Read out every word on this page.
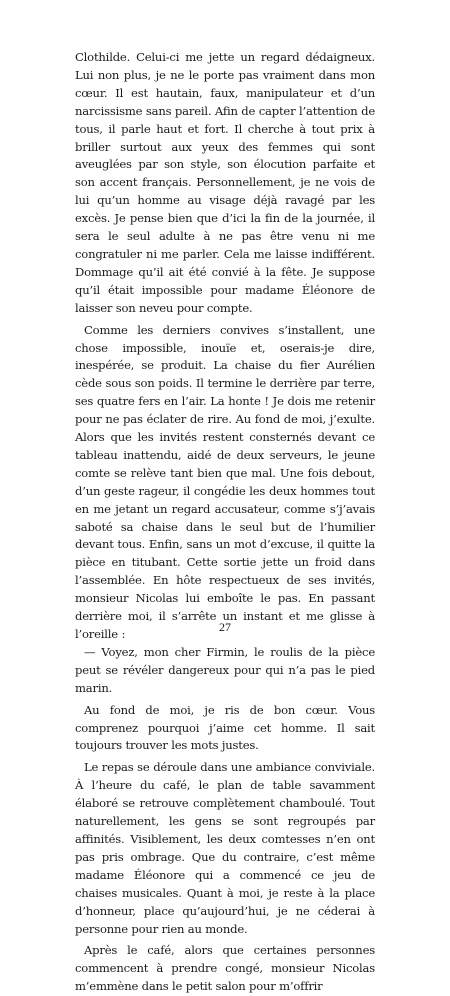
Clothilde. Celui-ci me jette un regard dédaigneux. Lui non plus, je ne le porte pas vraiment dans mon cœur. Il est hautain, faux, manipulateur et d’un narcissisme sans pareil. Afin de capter l’attention de tous, il parle haut et fort. Il cherche à tout prix à briller surtout aux yeux des femmes qui sont aveuglées par son style, son élocution parfaite et son accent français. Personnellement, je ne vois de lui qu’un homme au visage déjà ravagé par les excès. Je pense bien que d’ici la fin de la journée, il sera le seul adulte à ne pas être venu ni me congratuler ni me parler. Cela me laisse indifférent. Dommage qu’il ait été convié à la fête. Je suppose qu’il était impossible pour madame Éléonore de laisser son neveu pour compte.

Comme les derniers convives s’installent, une chose impossible, inouïe et, oserais-je dire, inespérée, se produit. La chaise du fier Aurélien cède sous son poids. Il termine le derrière par terre, ses quatre fers en l’air. La honte ! Je dois me retenir pour ne pas éclater de rire. Au fond de moi, j’exulte. Alors que les invités restent consternés devant ce tableau inattendu, aidé de deux serveurs, le jeune comte se relève tant bien que mal. Une fois debout, d’un geste rageur, il congédie les deux hommes tout en me jetant un regard accusateur, comme s’j’avais saboté sa chaise dans le seul but de l’humilier devant tous. Enfin, sans un mot d’excuse, il quitte la pièce en titubant. Cette sortie jette un froid dans l’assemblée. En hôte respectueux de ses invités, monsieur Nicolas lui emboîte le pas. En passant derrière moi, il s’arrête un instant et me glisse à l’oreille :

— Voyez, mon cher Firmin, le roulis de la pièce peut se révéler dangereux pour qui n’a pas le pied marin.

Au fond de moi, je ris de bon cœur. Vous comprenez pourquoi j’aime cet homme. Il sait toujours trouver les mots justes.

Le repas se déroule dans une ambiance conviviale. À l’heure du café, le plan de table savamment élaboré se retrouve complètement chamboulé. Tout naturellement, les gens se sont regroupés par affinités. Visiblement, les deux comtesses n’en ont pas pris ombrage. Que du contraire, c’est même madame Éléonore qui a commencé ce jeu de chaises musicales. Quant à moi, je reste à la place d’honneur, place qu’aujourd’hui, je ne céderai à personne pour rien au monde.

Après le café, alors que certaines personnes commencent à prendre congé, monsieur Nicolas m’emmène dans le petit salon pour m’offrir

27
